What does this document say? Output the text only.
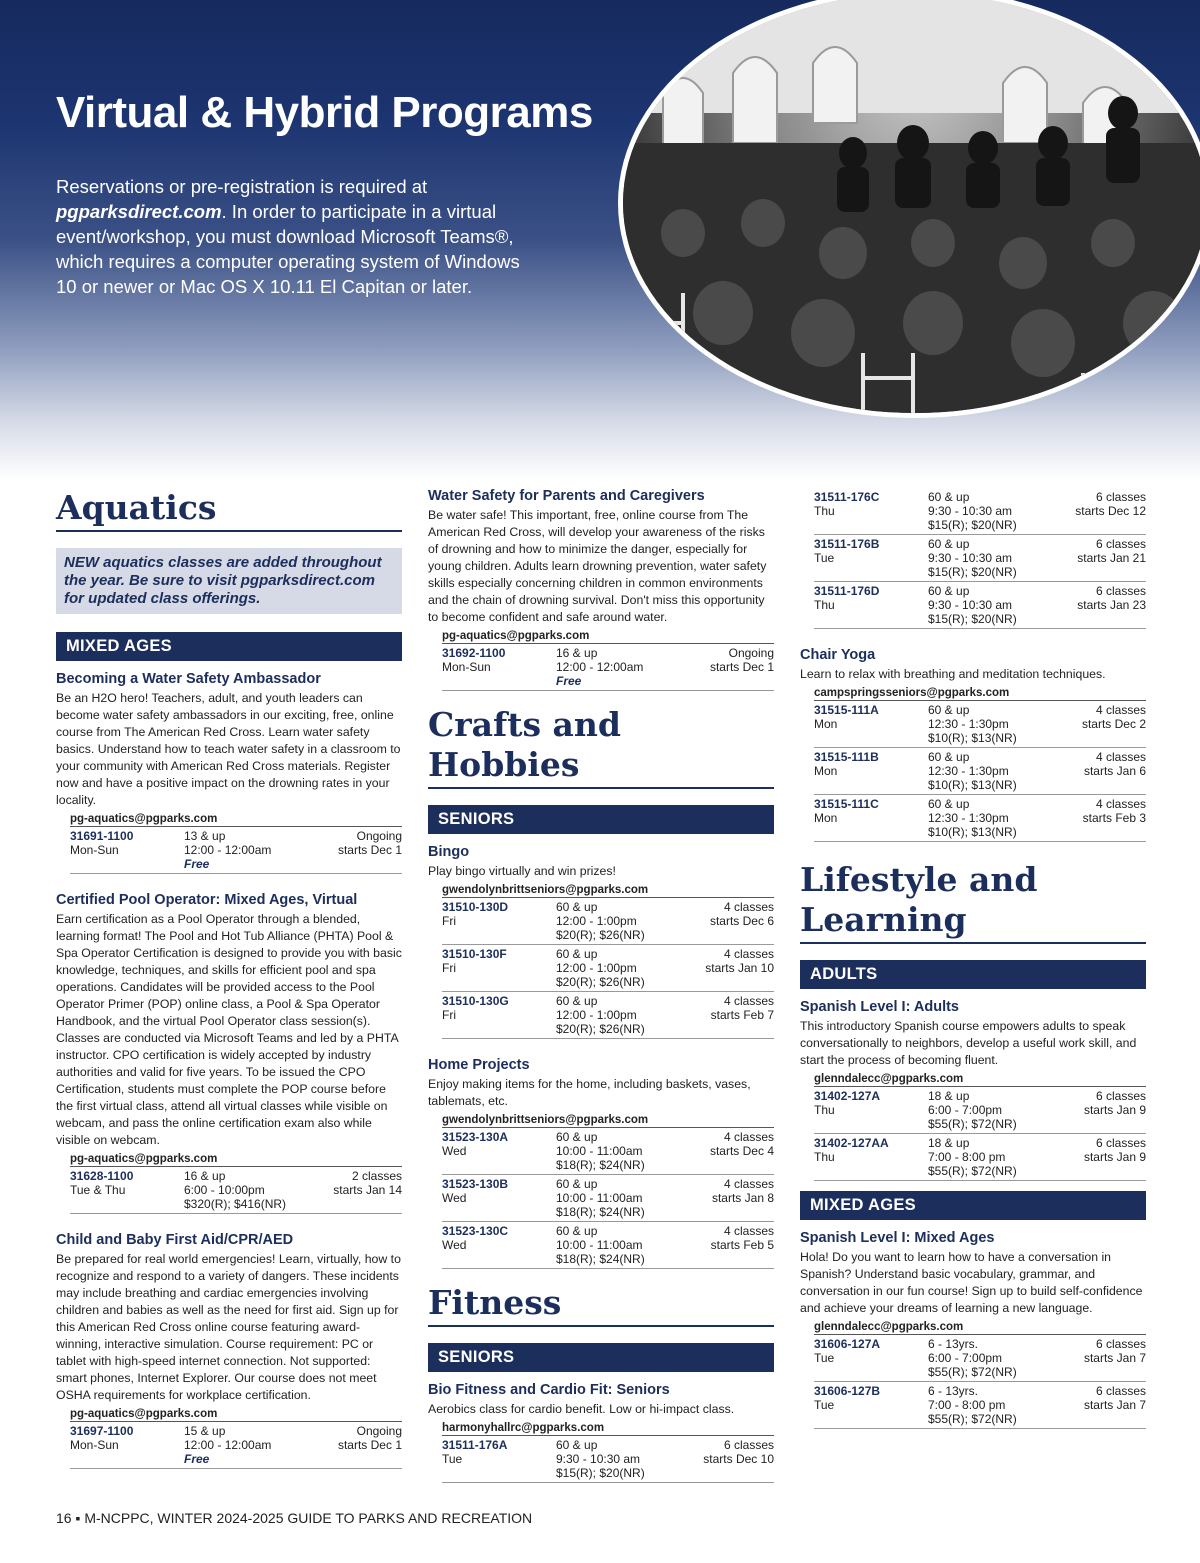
Virtual & Hybrid Programs

Reservations or pre-registration is required at pgparksdirect.com. In order to participate in a virtual event/workshop, you must download Microsoft Teams®, which requires a computer operating system of Windows 10 or newer or Mac OS X 10.11 El Capitan or later.

Aquatics
NEW aquatics classes are added throughout the year. Be sure to visit pgparksdirect.com for updated class offerings.
MIXED AGES
Becoming a Water Safety Ambassador
Be an H2O hero! Teachers, adult, and youth leaders can become water safety ambassadors in our exciting, free, online course from The American Red Cross. Learn water safety basics. Understand how to teach water safety in a classroom to your community with American Red Cross materials. Register now and have a positive impact on the drowning rates in your locality.
pg-aquatics@pgparks.com
31691-1100	13 & up	Ongoing
Mon-Sun	12:00 - 12:00am	starts Dec 1
Free
Certified Pool Operator: Mixed Ages, Virtual
Earn certification as a Pool Operator through a blended, learning format! The Pool and Hot Tub Alliance (PHTA) Pool & Spa Operator Certification is designed to provide you with basic knowledge, techniques, and skills for efficient pool and spa operations. Candidates will be provided access to the Pool Operator Primer (POP) online class, a Pool & Spa Operator Handbook, and the virtual Pool Operator class session(s). Classes are conducted via Microsoft Teams and led by a PHTA instructor. CPO certification is widely accepted by industry authorities and valid for five years. To be issued the CPO Certification, students must complete the POP course before the first virtual class, attend all virtual classes while visible on webcam, and pass the online certification exam also while visible on webcam.
pg-aquatics@pgparks.com
31628-1100	16 & up	2 classes
Tue & Thu	6:00 - 10:00pm	starts Jan 14
$320(R); $416(NR)
Child and Baby First Aid/CPR/AED
Be prepared for real world emergencies! Learn, virtually, how to recognize and respond to a variety of dangers. These incidents may include breathing and cardiac emergencies involving children and babies as well as the need for first aid. Sign up for this American Red Cross online course featuring award-winning, interactive simulation. Course requirement: PC or tablet with high-speed internet connection. Not supported: smart phones, Internet Explorer. Our course does not meet OSHA requirements for workplace certification.
pg-aquatics@pgparks.com
31697-1100	15 & up	Ongoing
Mon-Sun	12:00 - 12:00am	starts Dec 1
Free
Water Safety for Parents and Caregivers
Be water safe! This important, free, online course from The American Red Cross, will develop your awareness of the risks of drowning and how to minimize the danger, especially for young children. Adults learn drowning prevention, water safety skills especially concerning children in common environments and the chain of drowning survival. Don't miss this opportunity to become confident and safe around water.
pg-aquatics@pgparks.com
31692-1100	16 & up	Ongoing
Mon-Sun	12:00 - 12:00am	starts Dec 1
Free
Crafts and Hobbies
SENIORS
Bingo
Play bingo virtually and win prizes!
gwendolynbrittseniors@pgparks.com
31510-130D	60 & up	4 classes
Fri	12:00 - 1:00pm	starts Dec 6
$20(R); $26(NR)
31510-130F	60 & up	4 classes
Fri	12:00 - 1:00pm	starts Jan 10
$20(R); $26(NR)
31510-130G	60 & up	4 classes
Fri	12:00 - 1:00pm	starts Feb 7
$20(R); $26(NR)
Home Projects
Enjoy making items for the home, including baskets, vases, tablemats, etc.
gwendolynbrittseniors@pgparks.com
31523-130A	60 & up	4 classes
Wed	10:00 - 11:00am	starts Dec 4
$18(R); $24(NR)
31523-130B	60 & up	4 classes
Wed	10:00 - 11:00am	starts Jan 8
$18(R); $24(NR)
31523-130C	60 & up	4 classes
Wed	10:00 - 11:00am	starts Feb 5
$18(R); $24(NR)
Fitness
SENIORS
Bio Fitness and Cardio Fit: Seniors
Aerobics class for cardio benefit. Low or hi-impact class.
harmonyhallrc@pgparks.com
31511-176A	60 & up	6 classes
Tue	9:30 - 10:30 am	starts Dec 10
$15(R); $20(NR)
31511-176C	60 & up	6 classes
Thu	9:30 - 10:30 am	starts Dec 12
$15(R); $20(NR)
31511-176B	60 & up	6 classes
Tue	9:30 - 10:30 am	starts Jan 21
$15(R); $20(NR)
31511-176D	60 & up	6 classes
Thu	9:30 - 10:30 am	starts Jan 23
$15(R); $20(NR)
Chair Yoga
Learn to relax with breathing and meditation techniques.
campspringsseniors@pgparks.com
31515-111A	60 & up	4 classes
Mon	12:30 - 1:30pm	starts Dec 2
$10(R); $13(NR)
31515-111B	60 & up	4 classes
Mon	12:30 - 1:30pm	starts Jan 6
$10(R); $13(NR)
31515-111C	60 & up	4 classes
Mon	12:30 - 1:30pm	starts Feb 3
$10(R); $13(NR)
Lifestyle and Learning
ADULTS
Spanish Level I: Adults
This introductory Spanish course empowers adults to speak conversationally to neighbors, develop a useful work skill, and start the process of becoming fluent.
glenndalecc@pgparks.com
31402-127A	18 & up	6 classes
Thu	6:00 - 7:00pm	starts Jan 9
$55(R); $72(NR)
31402-127AA	18 & up	6 classes
Thu	7:00 - 8:00 pm	starts Jan 9
$55(R); $72(NR)
MIXED AGES
Spanish Level I: Mixed Ages
Hola! Do you want to learn how to have a conversation in Spanish? Understand basic vocabulary, grammar, and conversation in our fun course! Sign up to build self-confidence and achieve your dreams of learning a new language.
glenndalecc@pgparks.com
31606-127A	6 - 13yrs.	6 classes
Tue	6:00 - 7:00pm	starts Jan 7
$55(R); $72(NR)
31606-127B	6 - 13yrs.	6 classes
Tue	7:00 - 8:00 pm	starts Jan 7
$55(R); $72(NR)
16 ▪ M-NCPPC, WINTER 2024-2025 GUIDE TO PARKS AND RECREATION
